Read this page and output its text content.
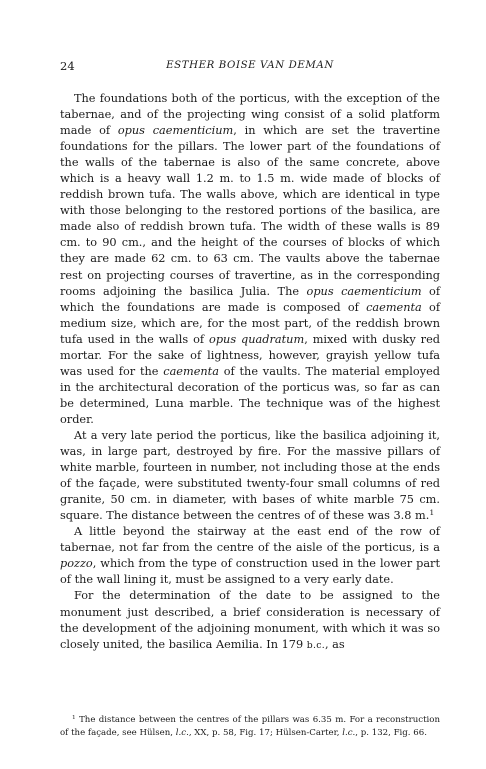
24	ESTHER BOISE VAN DEMAN

The foundations both of the porticus, with the exception of the tabernae, and of the projecting wing consist of a solid platform made of opus caementicium, in which are set the travertine foundations for the pillars. The lower part of the foundations of the walls of the tabernae is also of the same concrete, above which is a heavy wall 1.2 m. to 1.5 m. wide made of blocks of reddish brown tufa. The walls above, which are identical in type with those belonging to the restored portions of the basilica, are made also of reddish brown tufa. The width of these walls is 89 cm. to 90 cm., and the height of the courses of blocks of which they are made 62 cm. to 63 cm. The vaults above the tabernae rest on projecting courses of travertine, as in the corresponding rooms adjoining the basilica Julia. The opus caementicium of which the foundations are made is composed of caementa of medium size, which are, for the most part, of the reddish brown tufa used in the walls of opus quadratum, mixed with dusky red mortar. For the sake of lightness, however, grayish yellow tufa was used for the caementa of the vaults. The material employed in the architectural decoration of the porticus was, so far as can be determined, Luna marble. The technique was of the highest order.

At a very late period the porticus, like the basilica adjoining it, was, in large part, destroyed by fire. For the massive pillars of white marble, fourteen in number, not including those at the ends of the façade, were substituted twenty-four small columns of red granite, 50 cm. in diameter, with bases of white marble 75 cm. square. The distance between the centres of of these was 3.8 m.$^1$

A little beyond the stairway at the east end of the row of tabernae, not far from the centre of the aisle of the porticus, is a pozzo, which from the type of construction used in the lower part of the wall lining it, must be assigned to a very early date.

For the determination of the date to be assigned to the monument just described, a brief consideration is necessary of the development of the adjoining monument, with which it was so closely united, the basilica Aemilia. In 179 b.c., as

$^1$ The distance between the centres of the pillars was 6.35 m. For a reconstruction of the façade, see Hülsen, l.c., XX, p. 58, Fig. 17; Hülsen-Carter, l.c., p. 132, Fig. 66.
